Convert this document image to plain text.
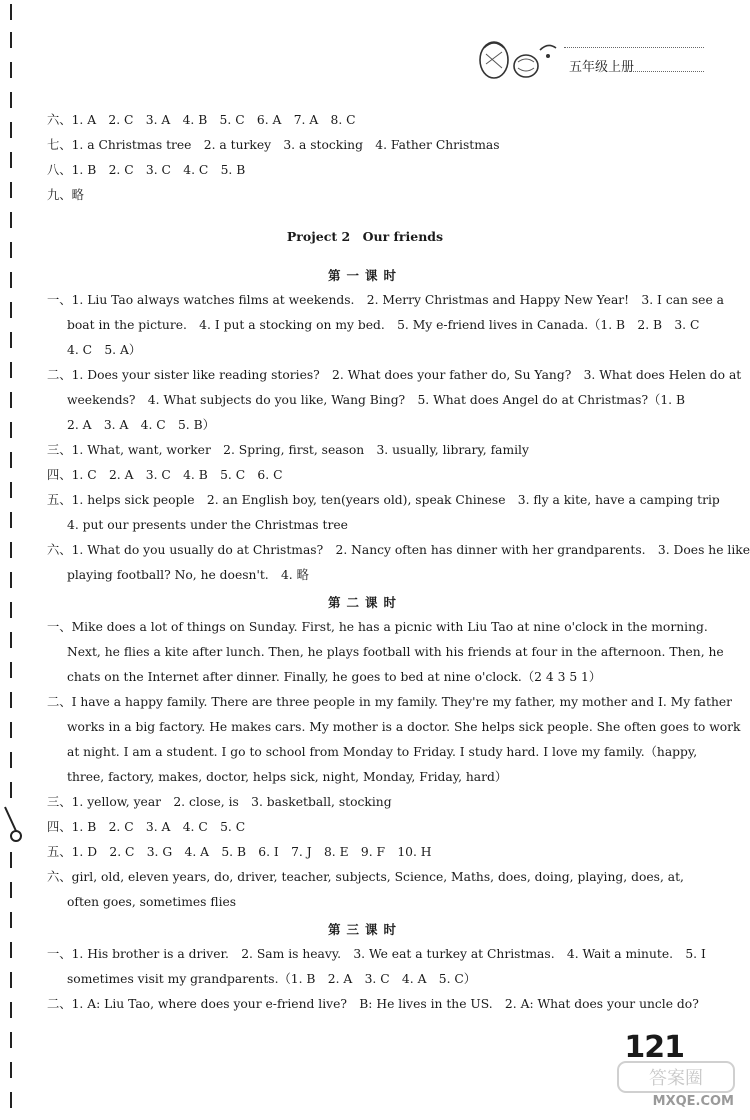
五年级上册
六、1. A　2. C　3. A　4. B　5. C　6. A　7. A　8. C
七、1. a Christmas tree　2. a turkey　3. a stocking　4. Father Christmas
八、1. B　2. C　3. C　4. C　5. B
九、略
Project 2　Our friends
第一课时
一、1. Liu Tao always watches films at weekends.　2. Merry Christmas and Happy New Year!　3. I can see a
boat in the picture.　4. I put a stocking on my bed.　5. My e-friend lives in Canada.（1. B　2. B　3. C
4. C　5. A）
二、1. Does your sister like reading stories?　2. What does your father do, Su Yang?　3. What does Helen do at
weekends?　4. What subjects do you like, Wang Bing?　5. What does Angel do at Christmas?（1. B
2. A　3. A　4. C　5. B）
三、1. What, want, worker　2. Spring, first, season　3. usually, library, family
四、1. C　2. A　3. C　4. B　5. C　6. C
五、1. helps sick people　2. an English boy, ten(years old), speak Chinese　3. fly a kite, have a camping trip
4. put our presents under the Christmas tree
六、1. What do you usually do at Christmas?　2. Nancy often has dinner with her grandparents.　3. Does he like
playing football? No, he doesn't.　4. 略
第二课时
一、Mike does a lot of things on Sunday. First, he has a picnic with Liu Tao at nine o'clock in the morning.
Next, he flies a kite after lunch. Then, he plays football with his friends at four in the afternoon. Then, he
chats on the Internet after dinner. Finally, he goes to bed at nine o'clock.（2 4 3 5 1）
二、I have a happy family. There are three people in my family. They're my father, my mother and I. My father
works in a big factory. He makes cars. My mother is a doctor. She helps sick people. She often goes to work
at night. I am a student. I go to school from Monday to Friday. I study hard. I love my family.（happy,
three, factory, makes, doctor, helps sick, night, Monday, Friday, hard）
三、1. yellow, year　2. close, is　3. basketball, stocking
四、1. B　2. C　3. A　4. C　5. C
五、1. D　2. C　3. G　4. A　5. B　6. I　7. J　8. E　9. F　10. H
六、girl, old, eleven years, do, driver, teacher, subjects, Science, Maths, does, doing, playing, does, at,
often goes, sometimes flies
第三课时
一、1. His brother is a driver.　2. Sam is heavy.　3. We eat a turkey at Christmas.　4. Wait a minute.　5. I
sometimes visit my grandparents.（1. B　2. A　3. C　4. A　5. C）
二、1. A: Liu Tao, where does your e-friend live?　B: He lives in the US.　2. A: What does your uncle do?
121
答案圈
MXQE.COM
